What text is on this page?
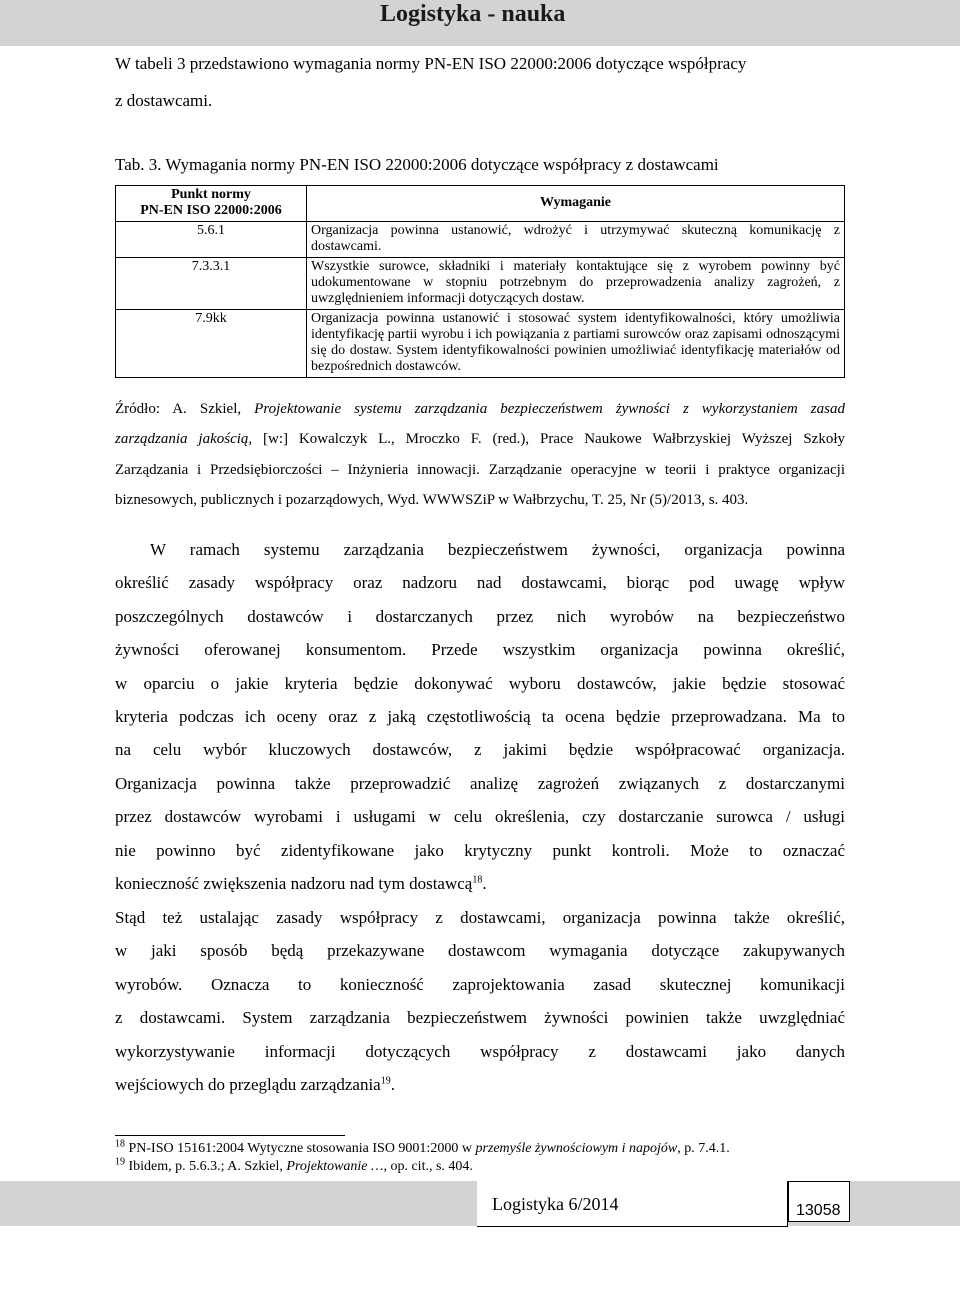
Logistyka - nauka
W tabeli 3 przedstawiono wymagania normy PN-EN ISO 22000:2006 dotyczące współpracy
z dostawcami.
Tab. 3. Wymagania normy PN-EN ISO 22000:2006 dotyczące współpracy z dostawcami
Punkt normy
PN-EN ISO 22000:2006	Wymaganie
5.6.1	Organizacja powinna ustanowić, wdrożyć i utrzymywać skuteczną komunikację z dostawcami.
7.3.3.1	Wszystkie surowce, składniki i materiały kontaktujące się z wyrobem powinny być udokumentowane w stopniu potrzebnym do przeprowadzenia analizy zagrożeń, z uwzględnieniem informacji dotyczących dostaw.
7.9kk	Organizacja powinna ustanowić i stosować system identyfikowalności, który umożliwia identyfikację partii wyrobu i ich powiązania z partiami surowców oraz zapisami odnoszącymi się do dostaw. System identyfikowalności powinien umożliwiać identyfikację materiałów od bezpośrednich dostawców.
Źródło: A. Szkiel, Projektowanie systemu zarządzania bezpieczeństwem żywności z wykorzystaniem zasad
zarządzania jakością, [w:] Kowalczyk L., Mroczko F. (red.), Prace Naukowe Wałbrzyskiej Wyższej Szkoły
Zarządzania i Przedsiębiorczości – Inżynieria innowacji. Zarządzanie operacyjne w teorii i praktyce organizacji
biznesowych, publicznych i pozarządowych, Wyd. WWWSZiP w Wałbrzychu, T. 25, Nr (5)/2013, s. 403.
W ramach systemu zarządzania bezpieczeństwem żywności, organizacja powinna
określić zasady współpracy oraz nadzoru nad dostawcami, biorąc pod uwagę wpływ
poszczególnych dostawców i dostarczanych przez nich wyrobów na bezpieczeństwo
żywności oferowanej konsumentom. Przede wszystkim organizacja powinna określić,
w oparciu o jakie kryteria będzie dokonywać wyboru dostawców, jakie będzie stosować
kryteria podczas ich oceny oraz z jaką częstotliwością ta ocena będzie przeprowadzana. Ma to
na celu wybór kluczowych dostawców, z jakimi będzie współpracować organizacja.
Organizacja powinna także przeprowadzić analizę zagrożeń związanych z dostarczanymi
przez dostawców wyrobami i usługami w celu określenia, czy dostarczanie surowca / usługi
nie powinno być zidentyfikowane jako krytyczny punkt kontroli. Może to oznaczać
konieczność zwiększenia nadzoru nad tym dostawcą$^{18}$.
Stąd też ustalając zasady współpracy z dostawcami, organizacja powinna także określić,
w jaki sposób będą przekazywane dostawcom wymagania dotyczące zakupywanych
wyrobów. Oznacza to konieczność zaprojektowania zasad skutecznej komunikacji
z dostawcami. System zarządzania bezpieczeństwem żywności powinien także uwzględniać
wykorzystywanie informacji dotyczących współpracy z dostawcami jako danych
wejściowych do przeglądu zarządzania$^{19}$.
$^{18}$ PN-ISO 15161:2004 Wytyczne stosowania ISO 9001:2000 w przemyśle żywnościowym i napojów, p. 7.4.1.
$^{19}$ Ibidem, p. 5.6.3.; A. Szkiel, Projektowanie …, op. cit., s. 404.
Logistyka 6/2014	13058
